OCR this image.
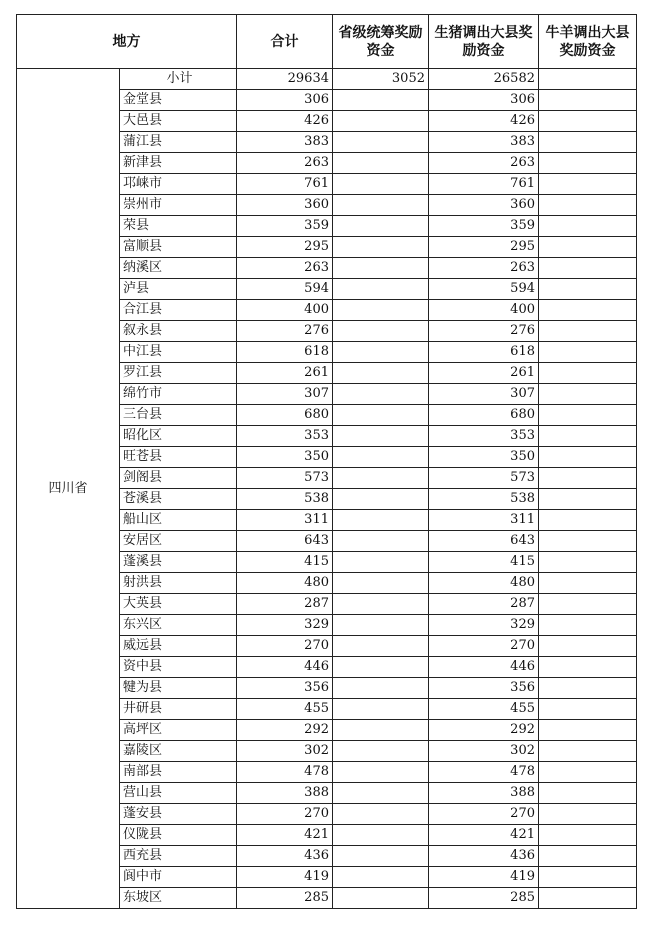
地方		合计	省级统筹奖励资金	生猪调出大县奖励资金	牛羊调出大县奖励资金
四川省	小计	29634	3052	26582	
	金堂县	306		306	
	大邑县	426		426	
	蒲江县	383		383	
	新津县	263		263	
	邛崃市	761		761	
	崇州市	360		360	
	荣县	359		359	
	富顺县	295		295	
	纳溪区	263		263	
	泸县	594		594	
	合江县	400		400	
	叙永县	276		276	
	中江县	618		618	
	罗江县	261		261	
	绵竹市	307		307	
	三台县	680		680	
	昭化区	353		353	
	旺苍县	350		350	
	剑阁县	573		573	
	苍溪县	538		538	
	船山区	311		311	
	安居区	643		643	
	蓬溪县	415		415	
	射洪县	480		480	
	大英县	287		287	
	东兴区	329		329	
	威远县	270		270	
	资中县	446		446	
	犍为县	356		356	
	井研县	455		455	
	高坪区	292		292	
	嘉陵区	302		302	
	南部县	478		478	
	营山县	388		388	
	蓬安县	270		270	
	仪陇县	421		421	
	西充县	436		436	
	阆中市	419		419	
	东坡区	285		285	
